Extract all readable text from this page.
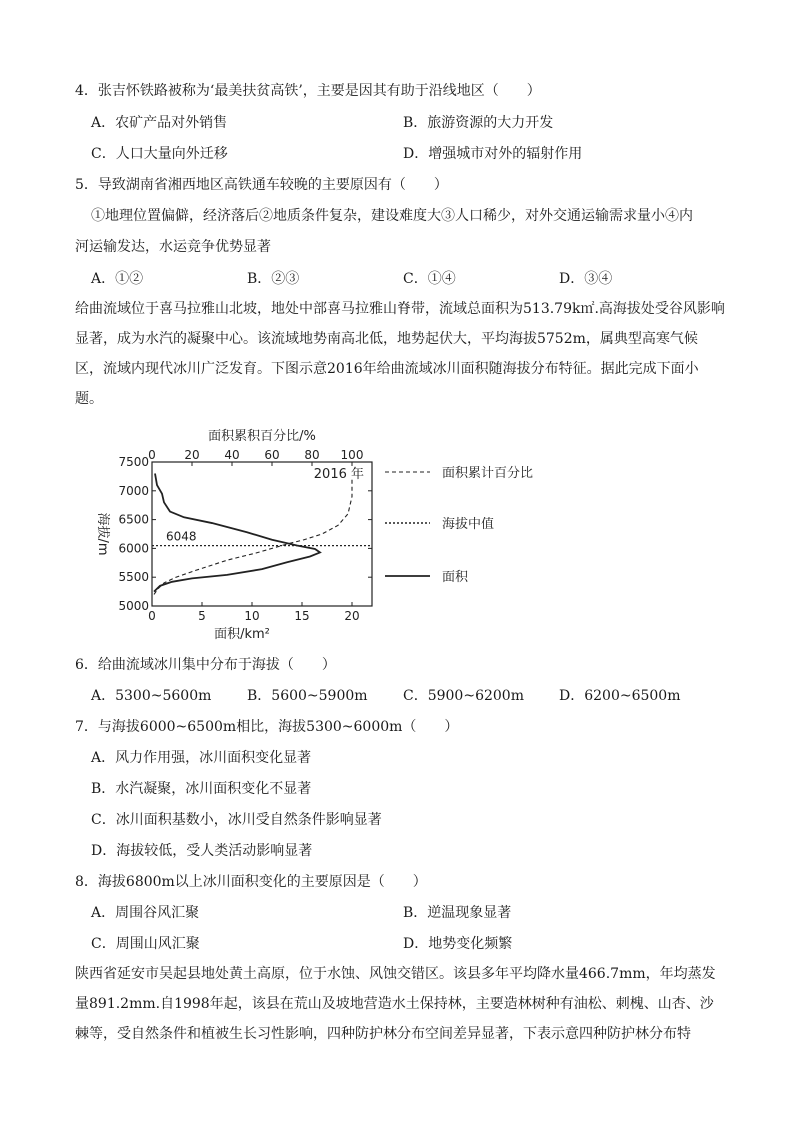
4．张吉怀铁路被称为‘最美扶贫高铁’，主要是因其有助于沿线地区（　　）
A．农矿产品对外销售	B．旅游资源的大力开发
C．人口大量向外迁移	D．增强城市对外的辐射作用
5．导致湖南省湘西地区高铁通车较晚的主要原因有（　　）
①地理位置偏僻，经济落后②地质条件复杂，建设难度大③人口稀少，对外交通运输需求量小④内
河运输发达，水运竞争优势显著
A．①②	B．②③	C．①④	D．③④
给曲流域位于喜马拉雅山北坡，地处中部喜马拉雅山脊带，流域总面积为513.79k㎡.高海拔处受谷风影响显著，成为水汽的凝聚中心。该流域地势南高北低，地势起伏大，平均海拔5752m，属典型高寒气候区，流域内现代冰川广泛发育。下图示意2016年给曲流域冰川面积随海拔分布特征。据此完成下面小题。
5000
5500
6000
6500
7000
7500
0	5	10	15	20
0 20 40 60 80 100
面积累积百分比/%
面积/km²
海拔/m	6048
2016 年	面积累计百分比
海拔中值
面积
6．给曲流域冰川集中分布于海拔（　　）
A．5300~5600m	B．5600~5900m	C．5900~6200m	D．6200~6500m
7．与海拔6000~6500m相比，海拔5300~6000m（　　）
A．风力作用强，冰川面积变化显著
B．水汽凝聚，冰川面积变化不显著
C．冰川面积基数小，冰川受自然条件影响显著
D．海拔较低，受人类活动影响显著
8．海拔6800m以上冰川面积变化的主要原因是（　　）
A．周围谷风汇聚	B．逆温现象显著
C．周围山风汇聚	D．地势变化频繁
陕西省延安市吴起县地处黄土高原，位于水蚀、风蚀交错区。该县多年平均降水量466.7mm，年均蒸发量891.2mm.自1998年起，该县在荒山及坡地营造水土保持林，主要造林树种有油松、刺槐、山杏、沙棘等，受自然条件和植被生长习性影响，四种防护林分布空间差异显著，下表示意四种防护林分布特
